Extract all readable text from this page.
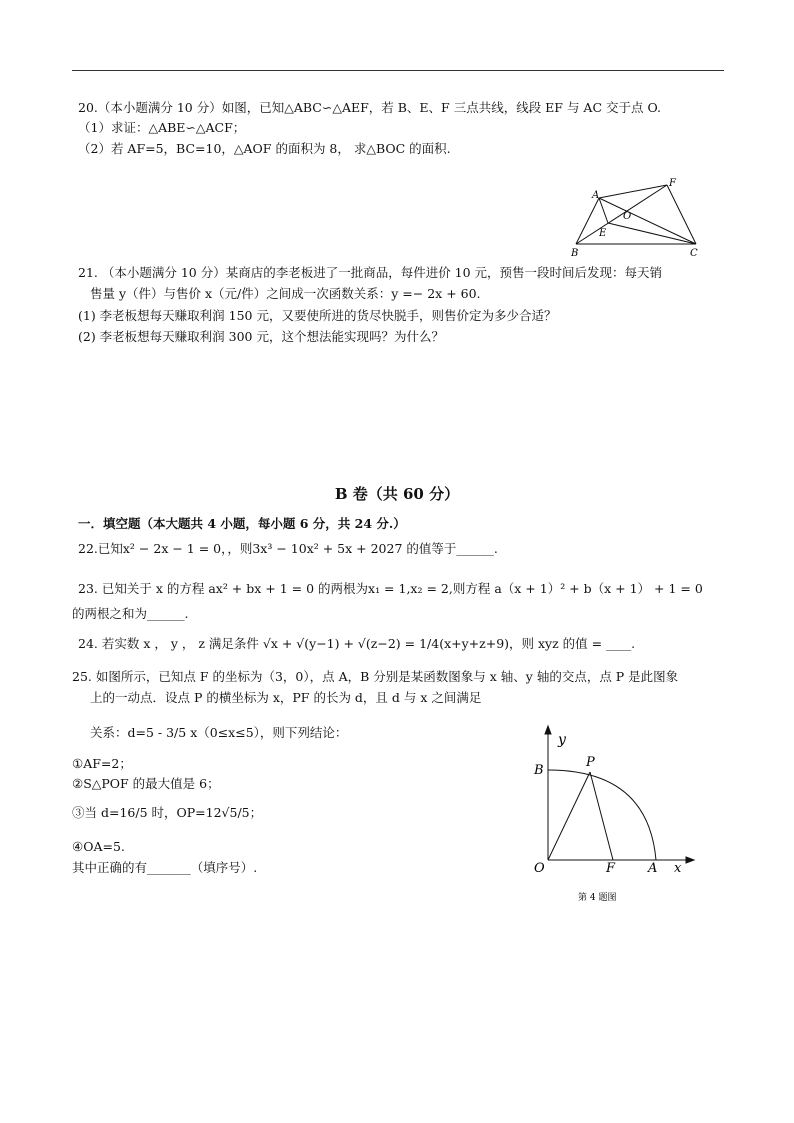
20.（本小题满分 10 分）如图，已知△ABC∽△AEF，若 B、E、F 三点共线，线段 EF 与 AC 交于点 O.
（1）求证：△ABE∽△ACF；
（2）若 AF=5，BC=10，△AOF 的面积为 8， 求△BOC 的面积.
A
F
O
E
B	C
21. （本小题满分 10 分）某商店的李老板进了一批商品，每件进价 10 元，预售一段时间后发现：每天销
售量 y（件）与售价 x（元/件）之间成一次函数关系：y =− 2x + 60.
(1) 李老板想每天赚取利润 150 元，又要使所进的货尽快脱手，则售价定为多少合适？
(2) 李老板想每天赚取利润 300 元，这个想法能实现吗？为什么？
B 卷（共 60 分）
一．填空题（本大题共 4 小题，每小题 6 分，共 24 分.）
22.已知x² − 2x − 1 = 0，，则3x³ − 10x² + 5x + 2027 的值等于______.
23. 已知关于 x 的方程 ax² + bx + 1 = 0 的两根为x₁ = 1,x₂ = 2,则方程 a（x + 1）² + b（x + 1） + 1 = 0
的两根之和为______.
24. 若实数 x ， y ， z 满足条件 √x + √(y−1) + √(z−2) = 1/4(x+y+z+9)，则 xyz 的值 = ____.
25. 如图所示，已知点 F 的坐标为（3，0），点 A，B 分别是某函数图象与 x 轴、y 轴的交点，点 P 是此图象
上的一动点．设点 P 的横坐标为 x，PF 的长为 d，且 d 与 x 之间满足
关系：d=5 - 3/5 x（0≤x≤5），则下列结论：
①AF=2；
②S△POF 的最大值是 6；
③当 d=16/5 时，OP=12√5/5；
④OA=5.
其中正确的有_______（填序号）.
y
B
P
O	F	A x
第 4 题图
